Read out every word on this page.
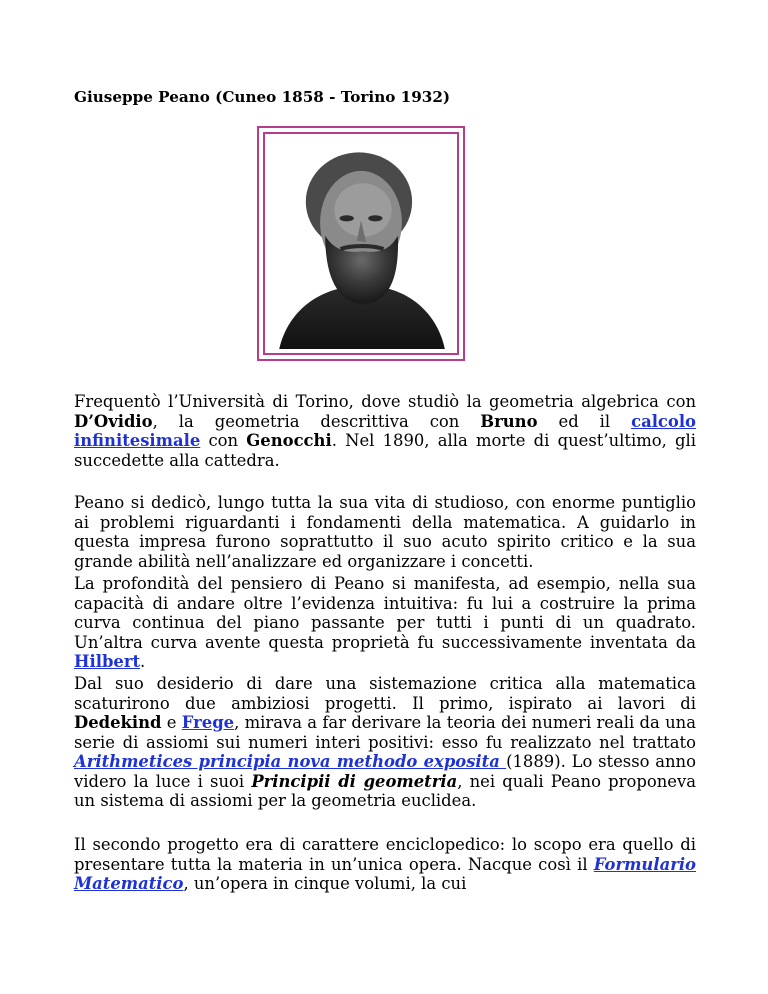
Giuseppe Peano (Cuneo 1858 - Torino 1932)

Frequentò l’Università di Torino, dove studiò la geometria algebrica con D’Ovidio, la geometria descrittiva con Bruno ed il calcolo infinitesimale con Genocchi. Nel 1890, alla morte di quest’ultimo, gli succedette alla cattedra.

Peano si dedicò, lungo tutta la sua vita di studioso, con enorme puntiglio ai problemi riguardanti i fondamenti della matematica. A guidarlo in questa impresa furono soprattutto il suo acuto spirito critico e la sua grande abilità nell’analizzare ed organizzare i concetti.

La profondità del pensiero di Peano si manifesta, ad esempio, nella sua capacità di andare oltre l’evidenza intuitiva: fu lui a costruire la prima curva continua del piano passante per tutti i punti di un quadrato. Un’altra curva avente questa proprietà fu successivamente inventata da Hilbert.

Dal suo desiderio di dare una sistemazione critica alla matematica scaturirono due ambiziosi progetti. Il primo, ispirato ai lavori di Dedekind e Frege, mirava a far derivare la teoria dei numeri reali da una serie di assiomi sui numeri interi positivi: esso fu realizzato nel trattato Arithmetices principia nova methodo exposita (1889). Lo stesso anno videro la luce i suoi Principii di geometria, nei quali Peano proponeva un sistema di assiomi per la geometria euclidea.

Il secondo progetto era di carattere enciclopedico: lo scopo era quello di presentare tutta la materia in un’unica opera. Nacque così il Formulario Matematico, un’opera in cinque volumi, la cui
